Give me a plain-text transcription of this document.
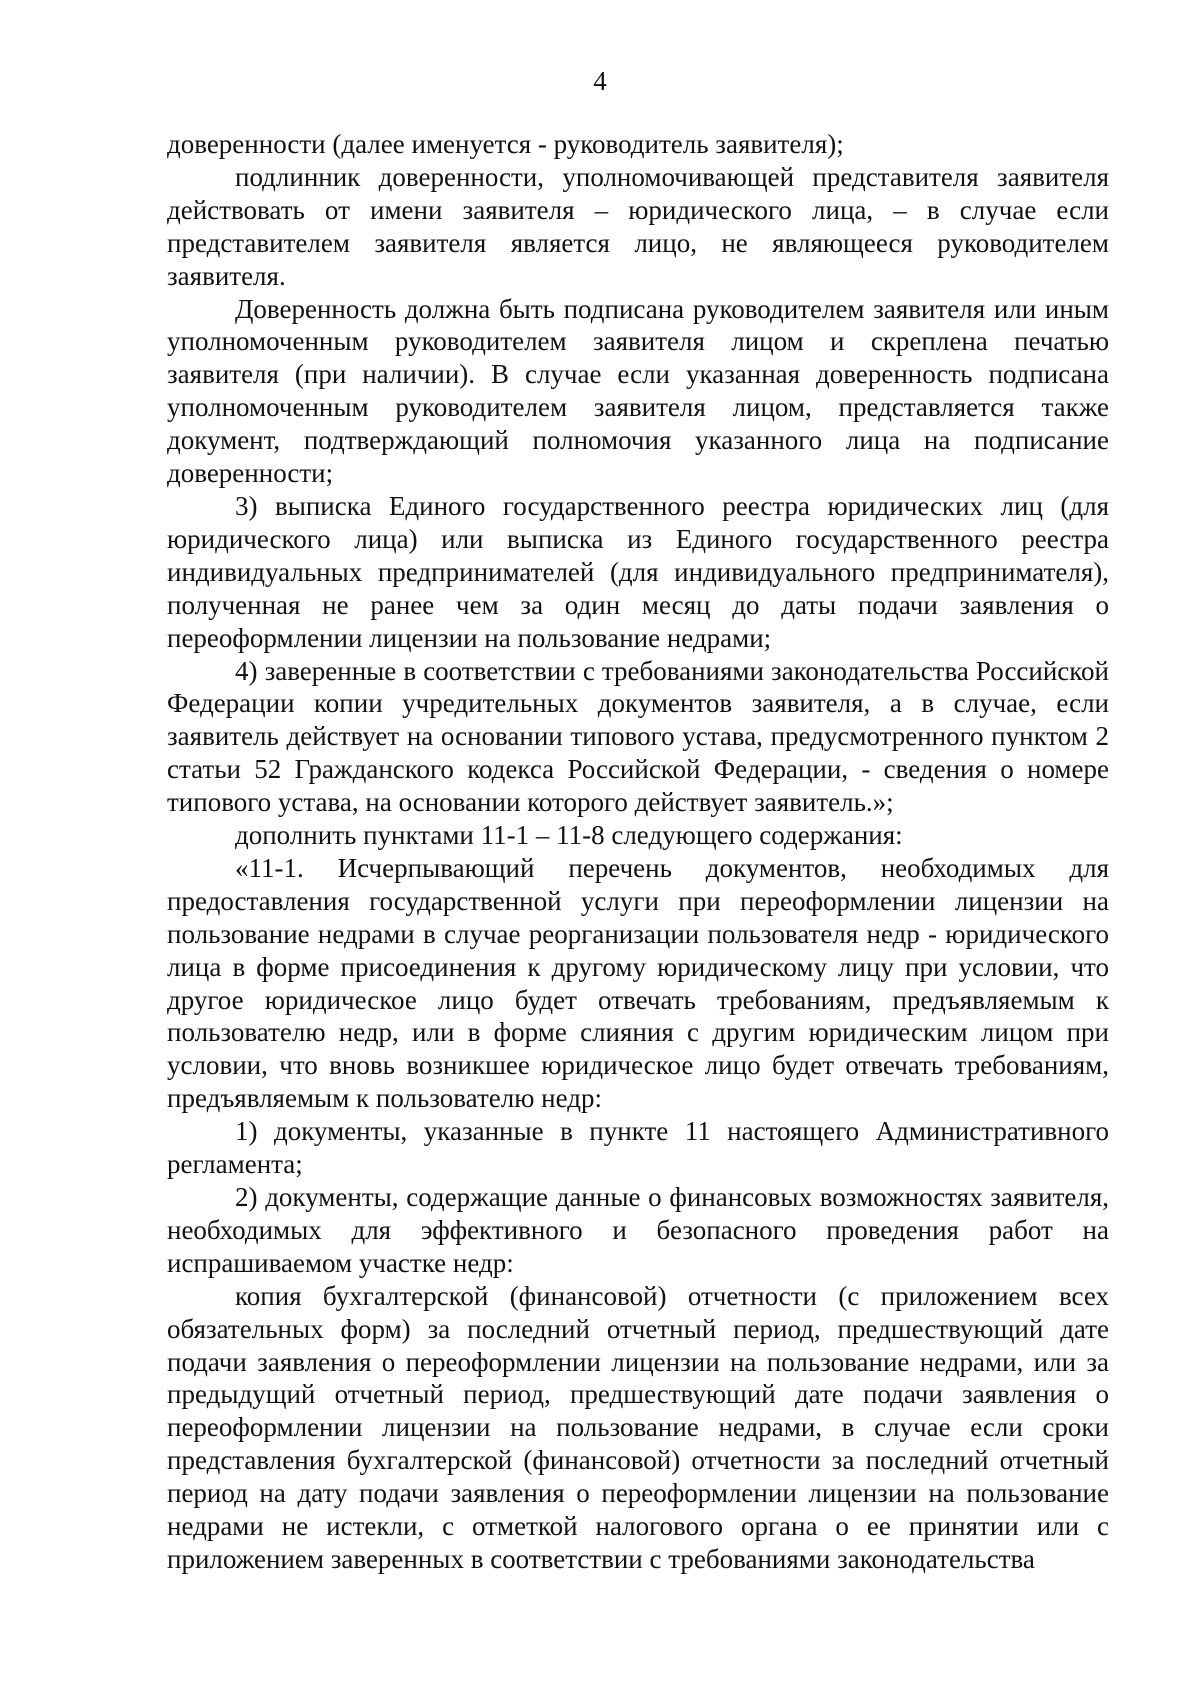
4

доверенности (далее именуется - руководитель заявителя);

подлинник доверенности, уполномочивающей представителя заявителя действовать от имени заявителя – юридического лица, – в случае если представителем заявителя является лицо, не являющееся руководителем заявителя.

Доверенность должна быть подписана руководителем заявителя или иным уполномоченным руководителем заявителя лицом и скреплена печатью заявителя (при наличии). В случае если указанная доверенность подписана уполномоченным руководителем заявителя лицом, представляется также документ, подтверждающий полномочия указанного лица на подписание доверенности;

3) выписка Единого государственного реестра юридических лиц (для юридического лица) или выписка из Единого государственного реестра индивидуальных предпринимателей (для индивидуального предпринимателя), полученная не ранее чем за один месяц до даты подачи заявления о переоформлении лицензии на пользование недрами;

4) заверенные в соответствии с требованиями законодательства Российской Федерации копии учредительных документов заявителя, а в случае, если заявитель действует на основании типового устава, предусмотренного пунктом 2 статьи 52 Гражданского кодекса Российской Федерации, - сведения о номере типового устава, на основании которого действует заявитель.»;

дополнить пунктами 11-1 – 11-8 следующего содержания:

«11-1. Исчерпывающий перечень документов, необходимых для предоставления государственной услуги при переоформлении лицензии на пользование недрами в случае реорганизации пользователя недр - юридического лица в форме присоединения к другому юридическому лицу при условии, что другое юридическое лицо будет отвечать требованиям, предъявляемым к пользователю недр, или в форме слияния с другим юридическим лицом при условии, что вновь возникшее юридическое лицо будет отвечать требованиям, предъявляемым к пользователю недр:

1) документы, указанные в пункте 11 настоящего Административного регламента;

2) документы, содержащие данные о финансовых возможностях заявителя, необходимых для эффективного и безопасного проведения работ на испрашиваемом участке недр:

копия бухгалтерской (финансовой) отчетности (с приложением всех обязательных форм) за последний отчетный период, предшествующий дате подачи заявления о переоформлении лицензии на пользование недрами, или за предыдущий отчетный период, предшествующий дате подачи заявления о переоформлении лицензии на пользование недрами, в случае если сроки представления бухгалтерской (финансовой) отчетности за последний отчетный период на дату подачи заявления о переоформлении лицензии на пользование недрами не истекли, с отметкой налогового органа о ее принятии или с приложением заверенных в соответствии с требованиями законодательства
